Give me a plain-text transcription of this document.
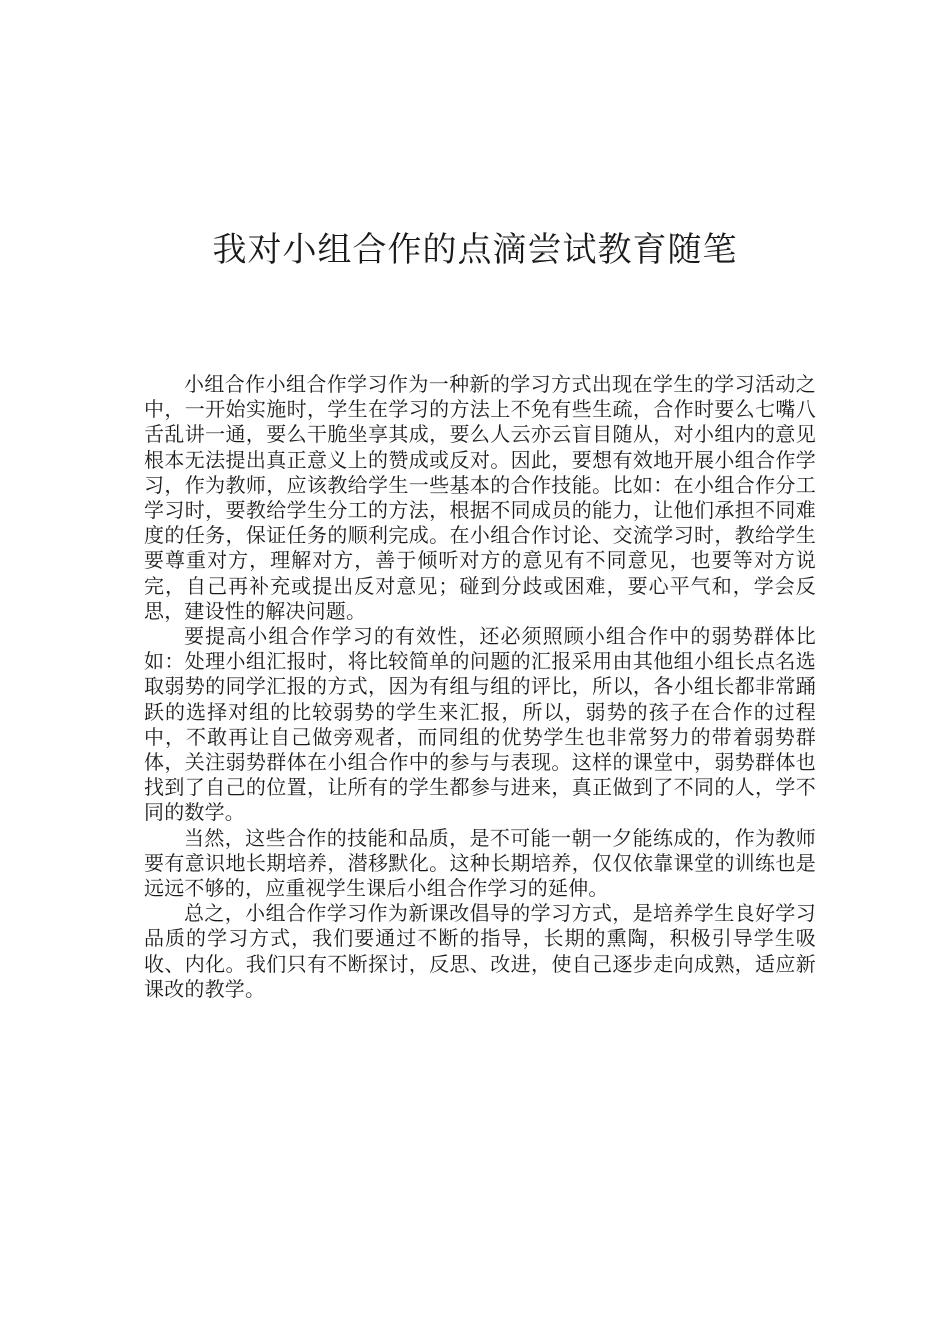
我对小组合作的点滴尝试教育随笔

小组合作小组合作学习作为一种新的学习方式出现在学生的学习活动之中，一开始实施时，学生在学习的方法上不免有些生疏，合作时要么七嘴八舌乱讲一通，要么干脆坐享其成，要么人云亦云盲目随从，对小组内的意见根本无法提出真正意义上的赞成或反对。因此，要想有效地开展小组合作学习，作为教师，应该教给学生一些基本的合作技能。比如：在小组合作分工学习时，要教给学生分工的方法，根据不同成员的能力，让他们承担不同难度的任务，保证任务的顺利完成。在小组合作讨论、交流学习时，教给学生要尊重对方，理解对方，善于倾听对方的意见有不同意见，也要等对方说完，自己再补充或提出反对意见；碰到分歧或困难，要心平气和，学会反思，建设性的解决问题。

要提高小组合作学习的有效性，还必须照顾小组合作中的弱势群体比如：处理小组汇报时，将比较简单的问题的汇报采用由其他组小组长点名选取弱势的同学汇报的方式，因为有组与组的评比，所以，各小组长都非常踊跃的选择对组的比较弱势的学生来汇报，所以，弱势的孩子在合作的过程中，不敢再让自己做旁观者，而同组的优势学生也非常努力的带着弱势群体，关注弱势群体在小组合作中的参与与表现。这样的课堂中，弱势群体也找到了自己的位置，让所有的学生都参与进来，真正做到了不同的人，学不同的数学。

当然，这些合作的技能和品质，是不可能一朝一夕能练成的，作为教师要有意识地长期培养，潜移默化。这种长期培养，仅仅依靠课堂的训练也是远远不够的，应重视学生课后小组合作学习的延伸。

总之，小组合作学习作为新课改倡导的学习方式，是培养学生良好学习品质的学习方式，我们要通过不断的指导，长期的熏陶，积极引导学生吸收、内化。我们只有不断探讨，反思、改进，使自己逐步走向成熟，适应新课改的教学。
